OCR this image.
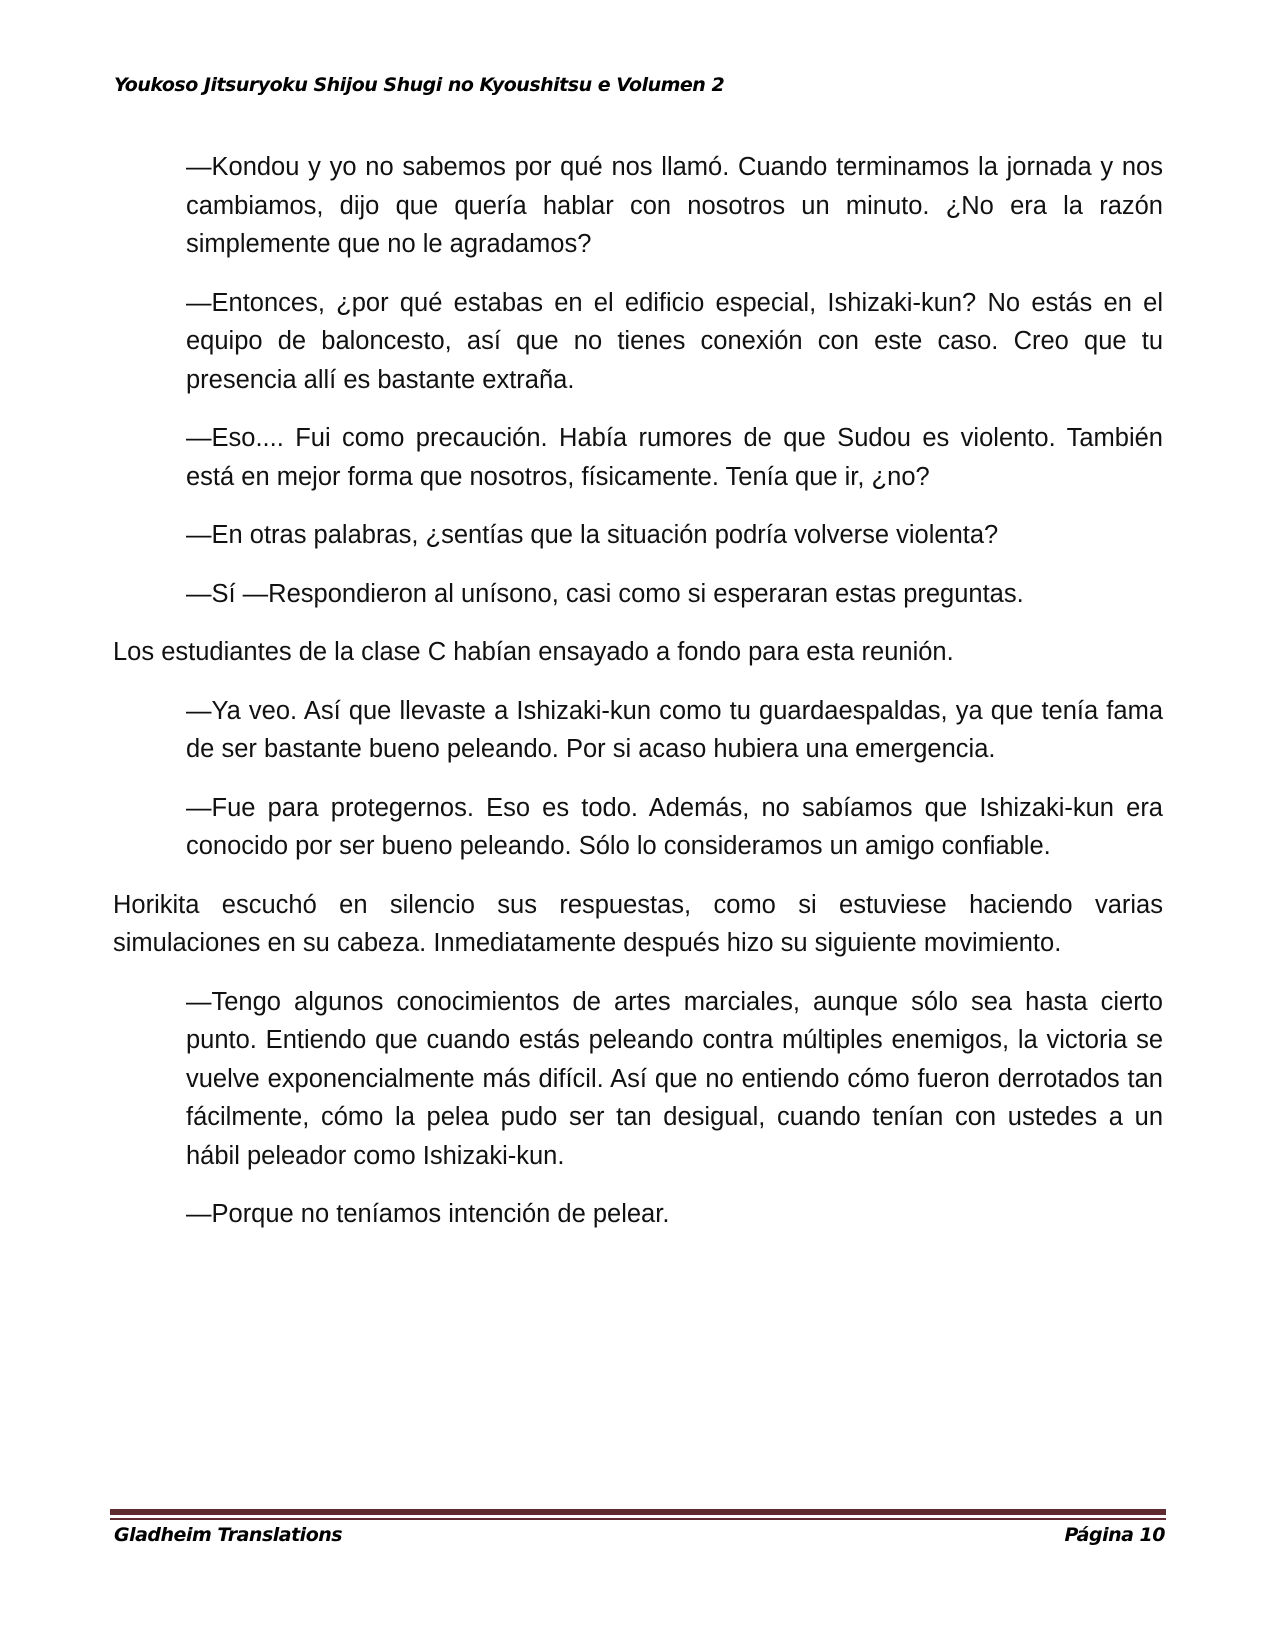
Youkoso Jitsuryoku Shijou Shugi no Kyoushitsu e Volumen 2

—Kondou y yo no sabemos por qué nos llamó. Cuando terminamos la jornada y nos cambiamos, dijo que quería hablar con nosotros un minuto. ¿No era la razón simplemente que no le agradamos?

—Entonces, ¿por qué estabas en el edificio especial, Ishizaki-kun? No estás en el equipo de baloncesto, así que no tienes conexión con este caso. Creo que tu presencia allí es bastante extraña.

—Eso.... Fui como precaución. Había rumores de que Sudou es violento. También está en mejor forma que nosotros, físicamente. Tenía que ir, ¿no?

—En otras palabras, ¿sentías que la situación podría volverse violenta?

—Sí —Respondieron al unísono, casi como si esperaran estas preguntas.

Los estudiantes de la clase C habían ensayado a fondo para esta reunión.

—Ya veo. Así que llevaste a Ishizaki-kun como tu guardaespaldas, ya que tenía fama de ser bastante bueno peleando. Por si acaso hubiera una emergencia.

—Fue para protegernos. Eso es todo. Además, no sabíamos que Ishizaki-kun era conocido por ser bueno peleando. Sólo lo consideramos un amigo confiable.

Horikita escuchó en silencio sus respuestas, como si estuviese haciendo varias simulaciones en su cabeza. Inmediatamente después hizo su siguiente movimiento.

—Tengo algunos conocimientos de artes marciales, aunque sólo sea hasta cierto punto. Entiendo que cuando estás peleando contra múltiples enemigos, la victoria se vuelve exponencialmente más difícil. Así que no entiendo cómo fueron derrotados tan fácilmente, cómo la pelea pudo ser tan desigual, cuando tenían con ustedes a un hábil peleador como Ishizaki-kun.

—Porque no teníamos intención de pelear.

Gladheim Translations	Página 10
